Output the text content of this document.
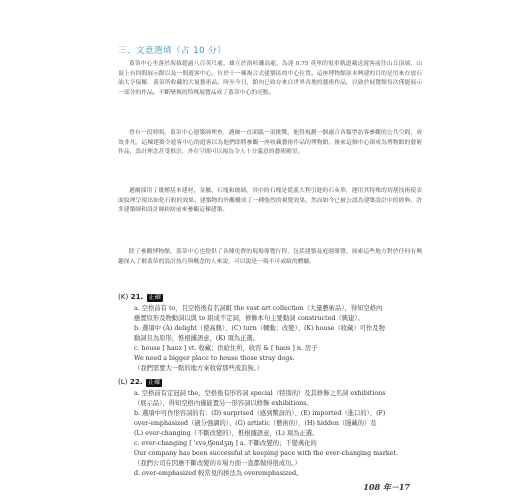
三、文意選填（占 10 分）
蓋蒂中心坐落於海拔超過八百英尺處，雄立於洛杉磯高處。為達 0.75 英里的電車軌道載送遊客前往山丘頂端，山頂上有四間展示館以及一間遊客中心，位於十一棟複合式建築區的中心位置。這座博物館原本興建的目的是用來存放石油大亨保羅．蓋蒂所收藏的大量藝術品，時至今日，館內已收存來自世界各地的藝術作品，以致於展覽館每次僅能展示一部分的作品，不斷變換的特殊展覽品成了蓋蒂中心的亮點。
曾有一段時間，蓋蒂中心建築師理查．邁爾一直面臨一項挑戰，他得規劃一個適合各類型訪客參觀的公共空間，成效非凡。這棟建築令遊客中心的遊客以為他們即將參觀一座收藏藝術作品的博物館。後來這個中心卻成為博物館的藝術作品，設計理念甚受推崇，外在空間可以視為令人十分滿意的藝術殿堂。
邁爾採用了幾種基本建材，金屬、石塊和玻璃。其中的石塊是從義大利引進的石灰華，運用其特殊的切割技術使表面紋理呈現出如化石般的效果。建築物的外觀構成了一種強烈的視覺效果，然而如今已被公認為建築設計中的經典，許多建築師和設計師紛紛前來參觀這棟建築。
除了參觀博物館，蓋蒂中心也提供了各種免費的現場導覽行程，包括建築及庭園導覽。探索這些地方對於任何有興趣深入了解蓋蒂的設計技巧與概念的人來說，可以說是一場不可或缺的體驗。
(K) 21. 正確
a. 空格前有 to，且空格後有名詞組 the vast art collection（大量藝術品），得知空格內
應置原形及物動詞以與 to 組成不定詞，修飾本句主要動詞 constructed（興建）。
b. 選項中 (A) delight（使高興）、(C) turn（轉動；改變）、(K) house（收藏）可作及物
動詞且為原形，惟根據語意，(K) 項為正選。
c. house [ haʊz ] vt. 收藏；供給住所，收容 & [ haʊs ] n. 房子
We need a bigger place to house those stray dogs.
（我們需要大一點的地方來收留那些流浪狗。）
(L) 22. 正確
a. 空格前有定冠詞 the，空格後有形容詞 special（特別的）及其修飾之名詞 exhibitions
（展示品），得知空格內僅能置另一形容詞以修飾 exhibitions。
b. 選項中可作形容詞的有：(D) surprised（感到驚訝的）、(E) imported（進口的）、(F)
over-emphasized（過分強調的）、(G) artistic（藝術的）、(H) hidden（隱藏的）及
(L) ever-changing（不斷改變的），惟根據語意，(L) 項為正選。
c. ever-changing [ ˈɛvə͵tʃendʒɪŋ ] a. 不斷改變的；千變萬化的
Our company has been successful at keeping pace with the ever-changing market.
（我們公司在因應不斷改變的市場方面一直都做得很成功。）
d. over-emphasized 較常見的拼法為 overemphasized。
108 年－17
